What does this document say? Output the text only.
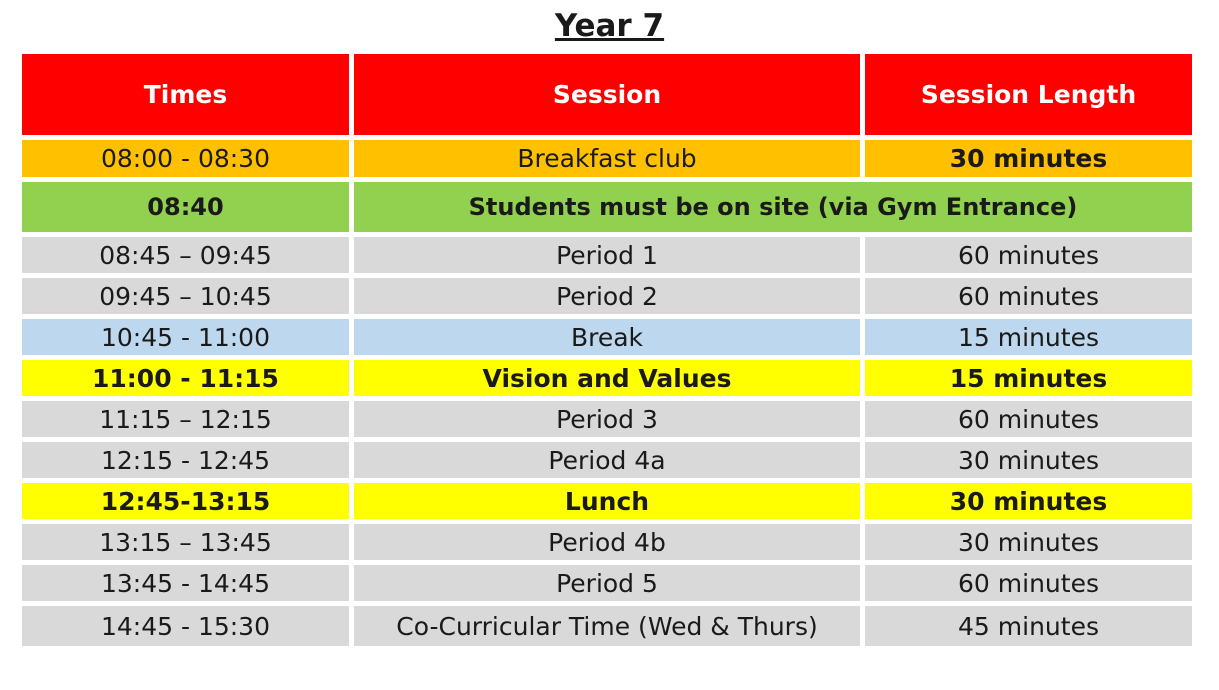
Year 7
Times	Session	Session Length
08:00 - 08:30	Breakfast club	30 minutes
08:40	Students must be on site (via Gym Entrance)	
08:45 – 09:45	Period 1	60 minutes
09:45 – 10:45	Period 2	60 minutes
10:45 - 11:00	Break	15 minutes
11:00 - 11:15	Vision and Values	15 minutes
11:15 – 12:15	Period 3	60 minutes
12:15 - 12:45	Period 4a	30 minutes
12:45-13:15	Lunch	30 minutes
13:15 – 13:45	Period 4b	30 minutes
13:45 - 14:45	Period 5	60 minutes
14:45 - 15:30	Co-Curricular Time (Wed & Thurs)	45 minutes
